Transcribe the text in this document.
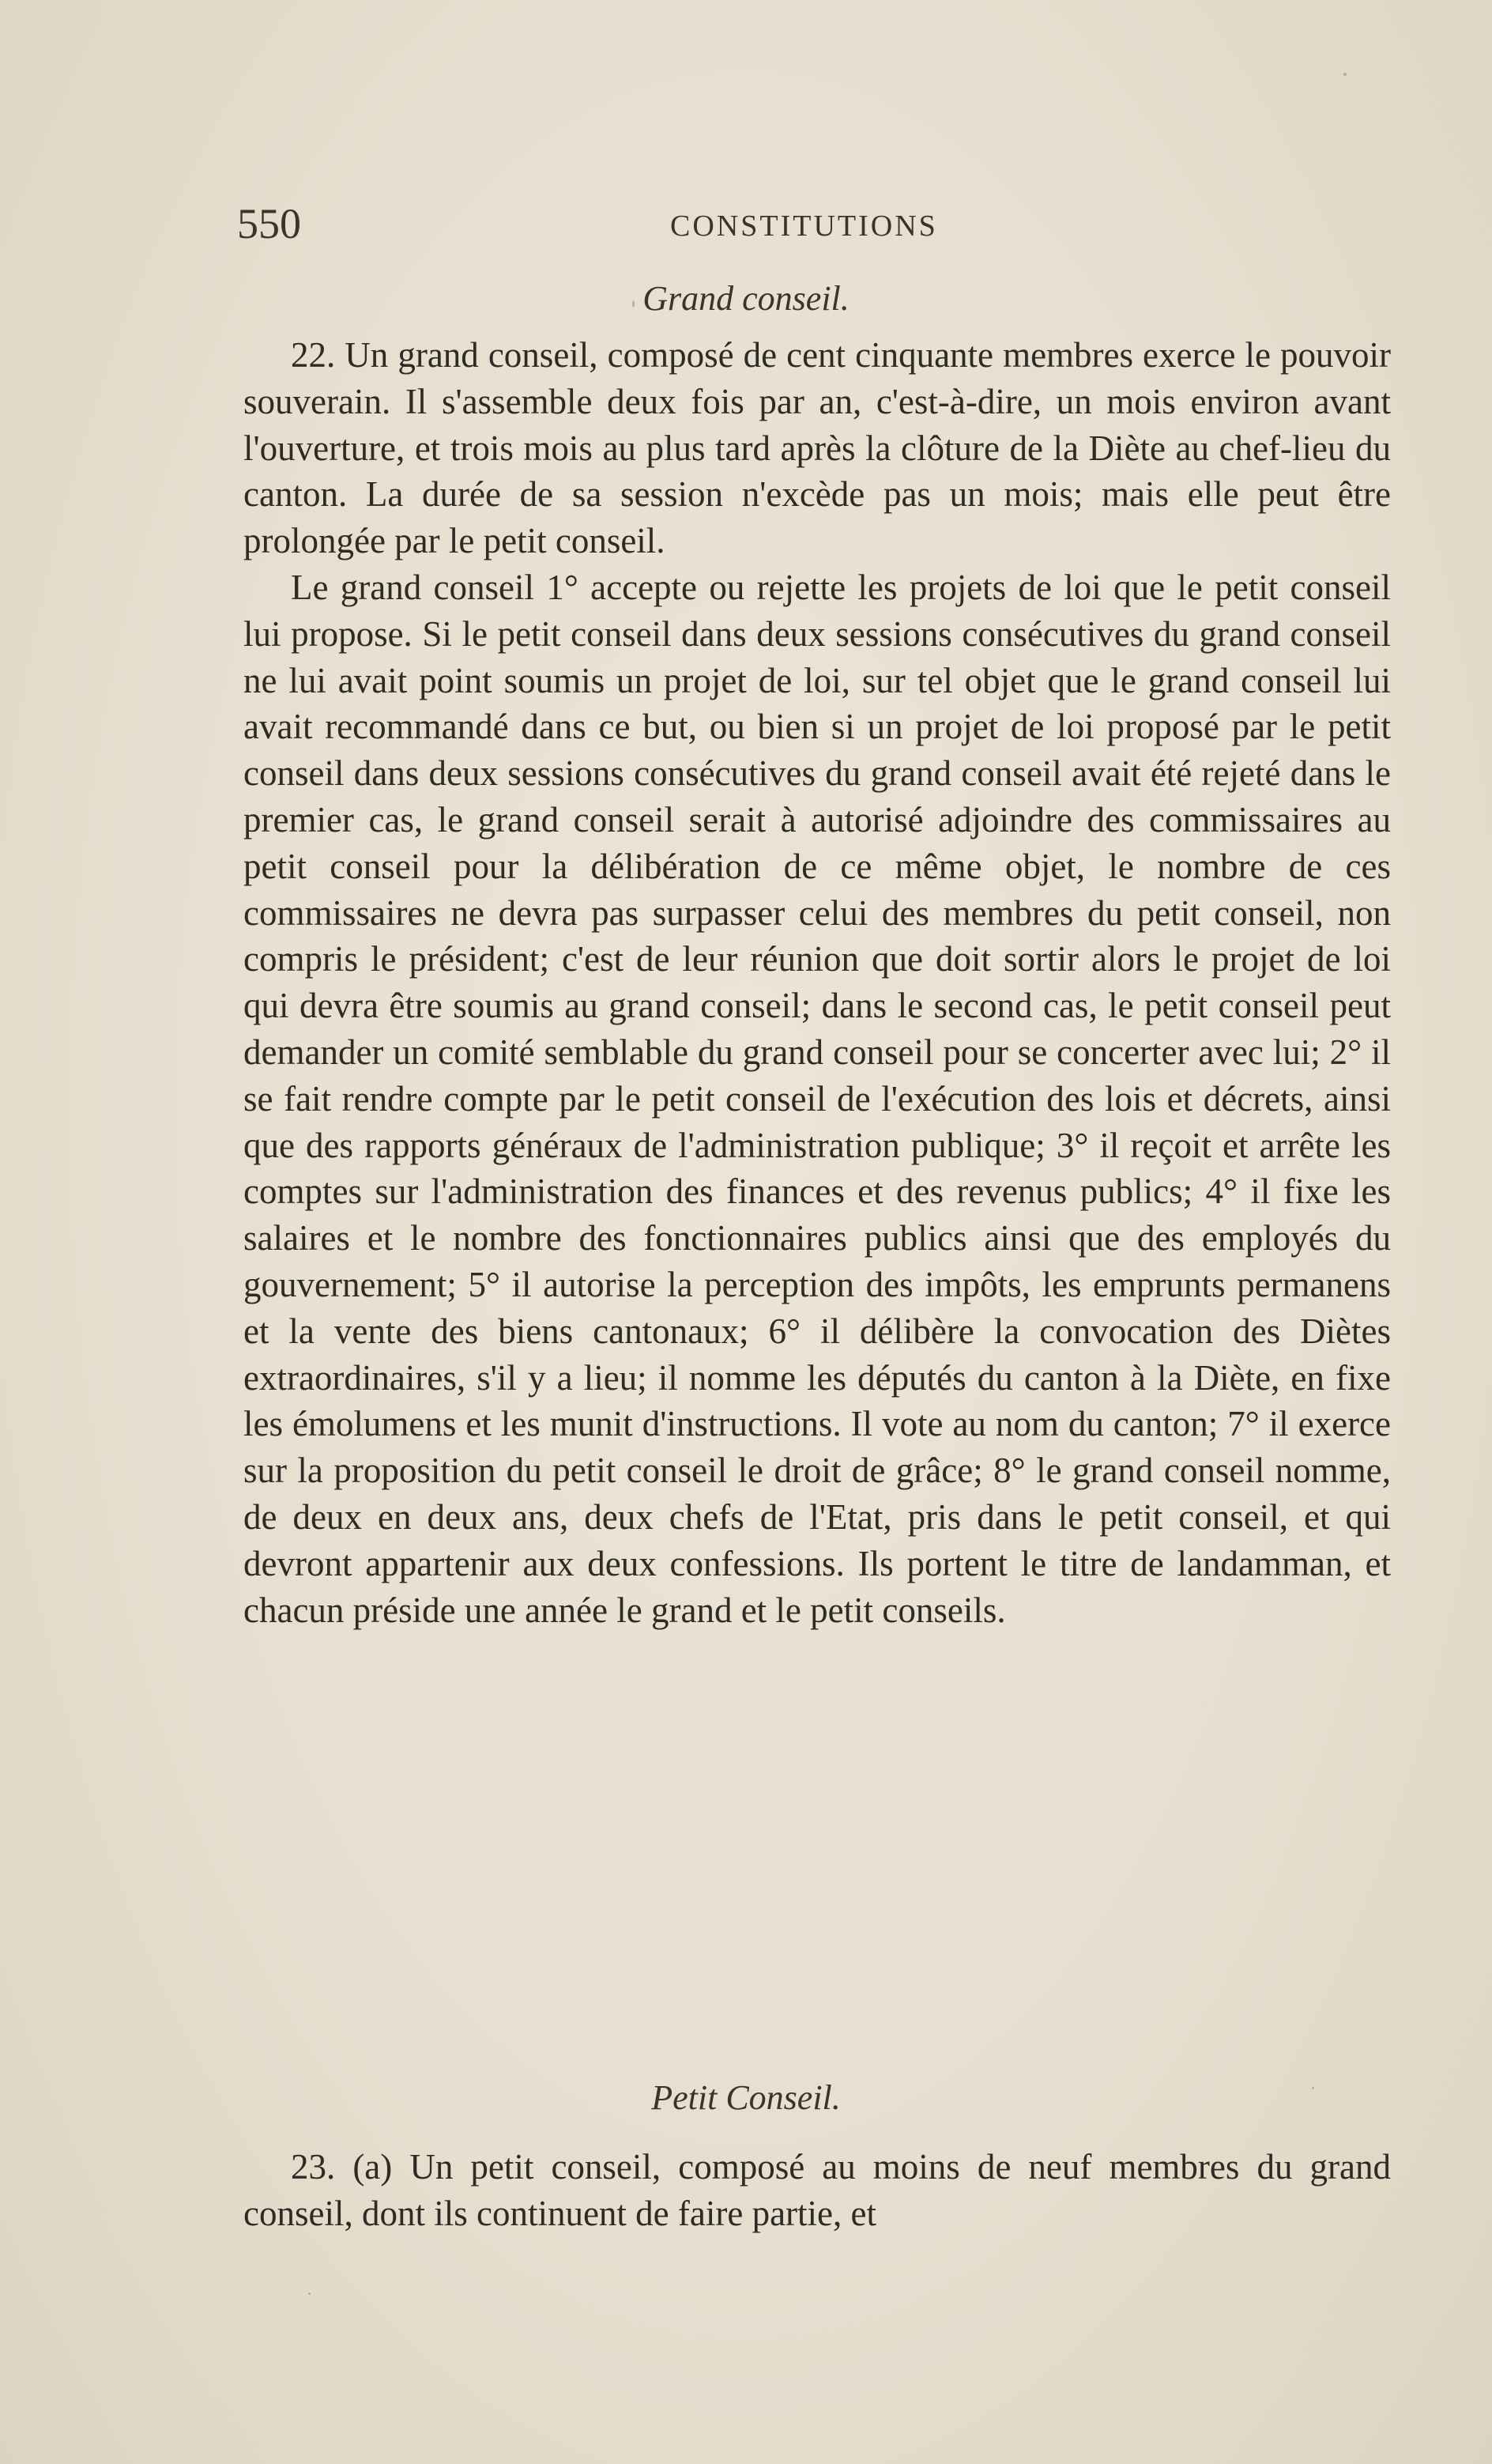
550	CONSTITUTIONS
Grand conseil.

22. Un grand conseil, composé de cent cinquante membres exerce le pouvoir souverain. Il s'assemble deux fois par an, c'est-à-dire, un mois environ avant l'ouverture, et trois mois au plus tard après la clôture de la Diète au chef-lieu du canton. La durée de sa session n'excède pas un mois; mais elle peut être prolongée par le petit conseil.

Le grand conseil 1° accepte ou rejette les projets de loi que le petit conseil lui propose. Si le petit conseil dans deux sessions consécutives du grand conseil ne lui avait point soumis un projet de loi, sur tel objet que le grand conseil lui avait recommandé dans ce but, ou bien si un projet de loi proposé par le petit conseil dans deux sessions consécutives du grand conseil avait été rejeté dans le premier cas, le grand conseil serait à autorisé adjoindre des commissaires au petit conseil pour la délibération de ce même objet, le nombre de ces commissaires ne devra pas surpasser celui des membres du petit conseil, non compris le président; c'est de leur réunion que doit sortir alors le projet de loi qui devra être soumis au grand conseil; dans le second cas, le petit conseil peut demander un comité semblable du grand conseil pour se concerter avec lui; 2° il se fait rendre compte par le petit conseil de l'exécution des lois et décrets, ainsi que des rapports généraux de l'administration publique; 3° il reçoit et arrête les comptes sur l'administration des finances et des revenus publics; 4° il fixe les salaires et le nombre des fonctionnaires publics ainsi que des employés du gouvernement; 5° il autorise la perception des impôts, les emprunts permanens et la vente des biens cantonaux; 6° il délibère la convocation des Diètes extraordinaires, s'il y a lieu; il nomme les députés du canton à la Diète, en fixe les émolumens et les munit d'instructions. Il vote au nom du canton; 7° il exerce sur la proposition du petit conseil le droit de grâce; 8° le grand conseil nomme, de deux en deux ans, deux chefs de l'Etat, pris dans le petit conseil, et qui devront appartenir aux deux confessions. Ils portent le titre de landamman, et chacun préside une année le grand et le petit conseils.

Petit Conseil.

23. (a) Un petit conseil, composé au moins de neuf membres du grand conseil, dont ils continuent de faire partie, et
